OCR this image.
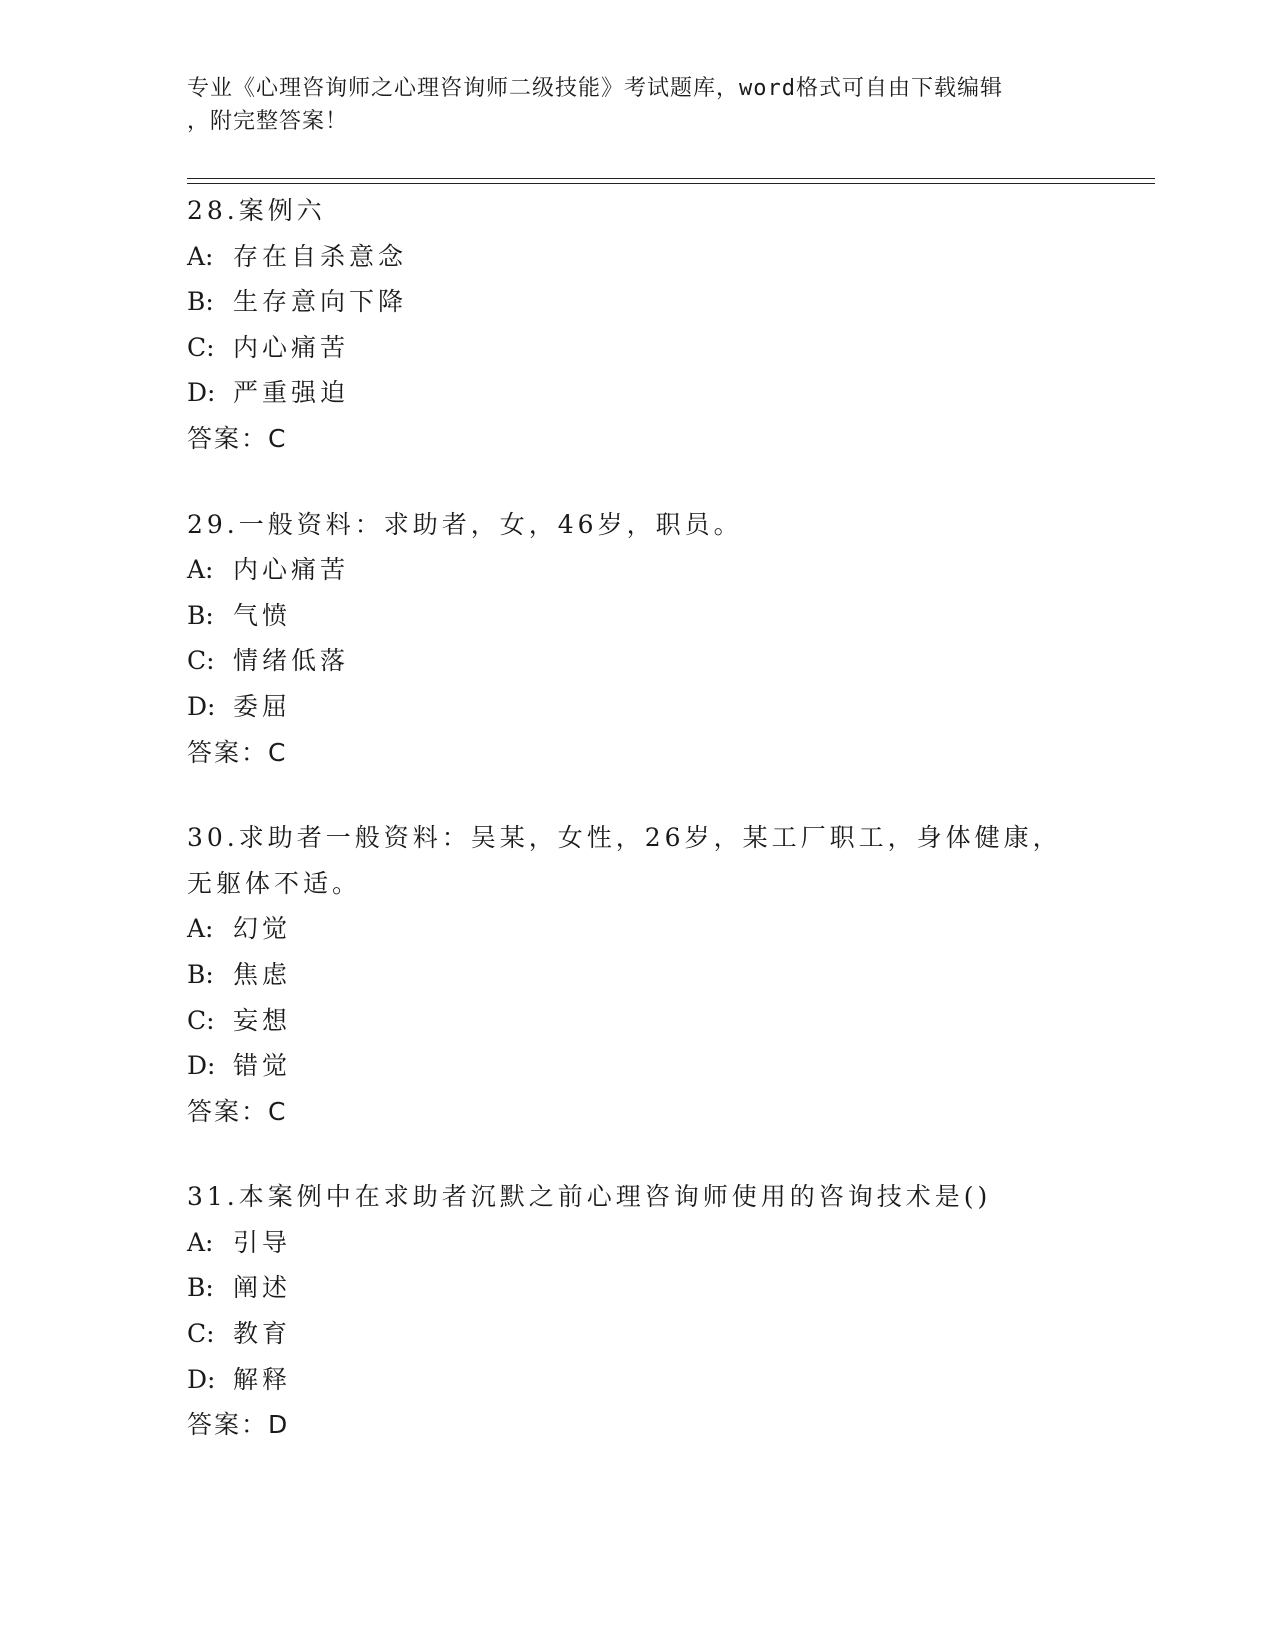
专业《心理咨询师之心理咨询师二级技能》考试题库，word格式可自由下载编辑
，附完整答案！
28.案例六
A: 存在自杀意念
B: 生存意向下降
C: 内心痛苦
D: 严重强迫
答案：C
29.一般资料：求助者，女，46岁，职员。
A: 内心痛苦
B: 气愤
C: 情绪低落
D: 委屈
答案：C
30.求助者一般资料：吴某，女性，26岁，某工厂职工，身体健康，无躯体不适。
A: 幻觉
B: 焦虑
C: 妄想
D: 错觉
答案：C
31.本案例中在求助者沉默之前心理咨询师使用的咨询技术是()
A: 引导
B: 阐述
C: 教育
D: 解释
答案：D
